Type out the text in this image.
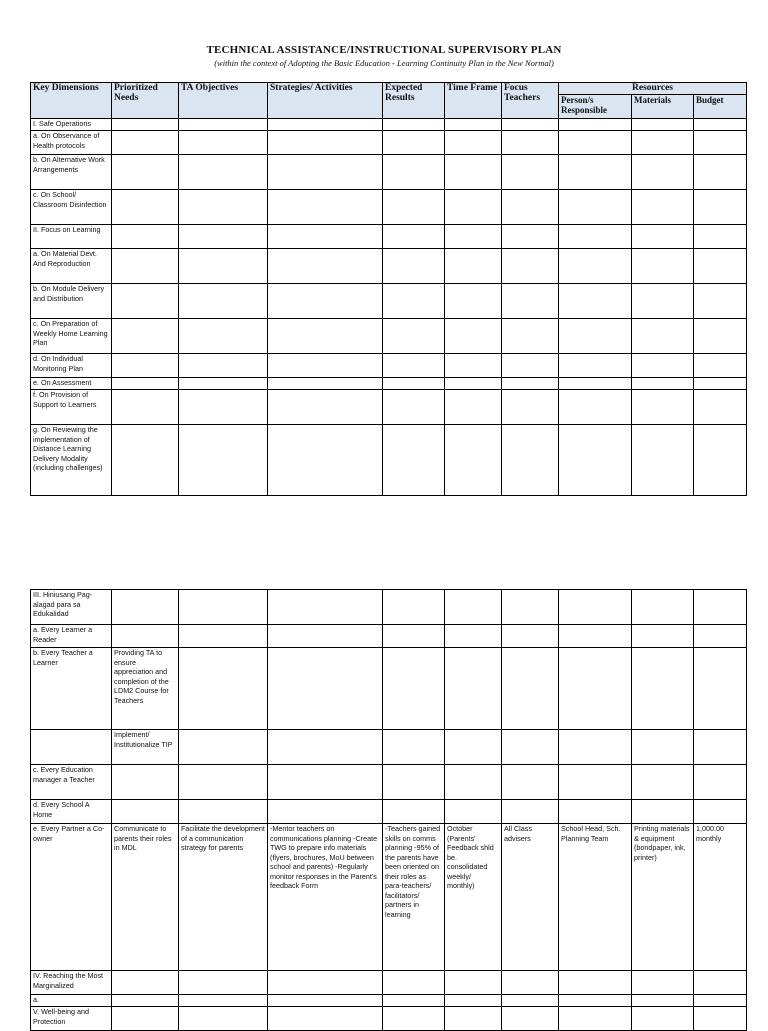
TECHNICAL ASSISTANCE/INSTRUCTIONAL SUPERVISORY PLAN
(within the context of Adopting the Basic Education - Learning Continuity Plan in the New Normal)
Key Dimensions	Prioritized Needs	TA Objectives	Strategies/ Activities	Expected Results	Time Frame	Focus Teachers	Resources		
							Person/s Responsible	Materials	Budget
I. Safe Operations									
a. On Observance of Health protocols									
b. On Alternative Work Arrangements									
c. On School/ Classroom Disinfection									
II. Focus on Learning									
a. On Material Devt. And Reproduction									
b. On Module Delivery and Distribution									
c. On Preparation of Weekly Home Learning Plan									
d. On Individual Monitoring Plan									
e. On Assessment									
f. On Provision of Support to Learners									
g. On Reviewing the implementation of Distance Learning Delivery Modality (including challenges)									
III. Hiniusang Pag-alagad para sa Edukalidad									
a. Every Learner a Reader									
b. Every Teacher a Learner	Providing TA to ensure appreciation and completion of the LDM2 Course for Teachers								
	Implement/ Institutionalize TIP								
c. Every Education manager a Teacher									
d. Every School A Home									
e. Every Partner a Co-owner	Communicate to parents their roles in MDL	Facilitate the development of a communication strategy for parents	-Mentor teachers on communications planning -Create TWG to prepare info materials (flyers, brochures, MoU between school and parents) -Regularly monitor responses in the Parent's feedback Form	-Teachers gained skills on comms planning -95% of the parents have been oriented on their roles as para-teachers/ facilitators/ partners in learning	October (Parents' Feedback shld be. consolidated weekly/ monthly)	All Class advisers	School Head, Sch. Planning Team	Printing materials & equipment (bondpaper, ink, printer)	1,000.00 monthly
IV. Reaching the Most Marginalized									
a.									
V. Well-being and Protection									
